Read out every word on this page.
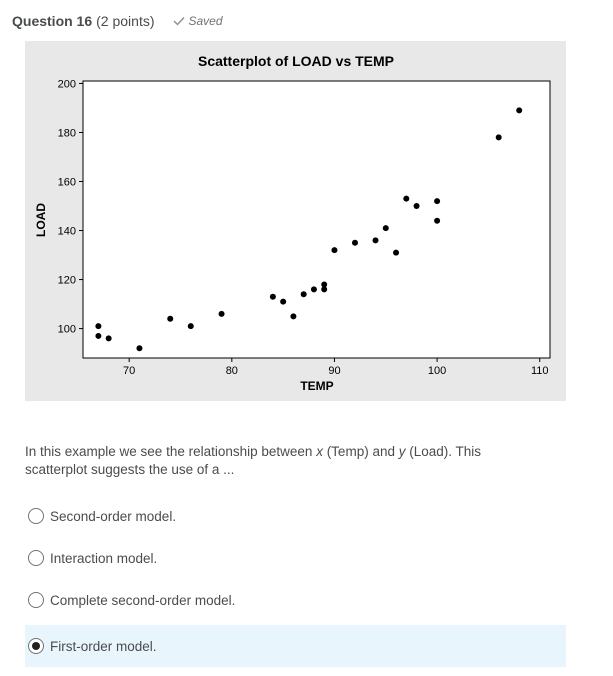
Question 16 (2 points)	Saved
Scatterplot of LOAD vs TEMP
TEMP
LOAD
70	80	90	100	110
100
120
140
160
180
200
In this example we see the relationship between x (Temp) and y (Load). This scatterplot suggests the use of a ...
Second-order model.
Interaction model.
Complete second-order model.
First-order model.
